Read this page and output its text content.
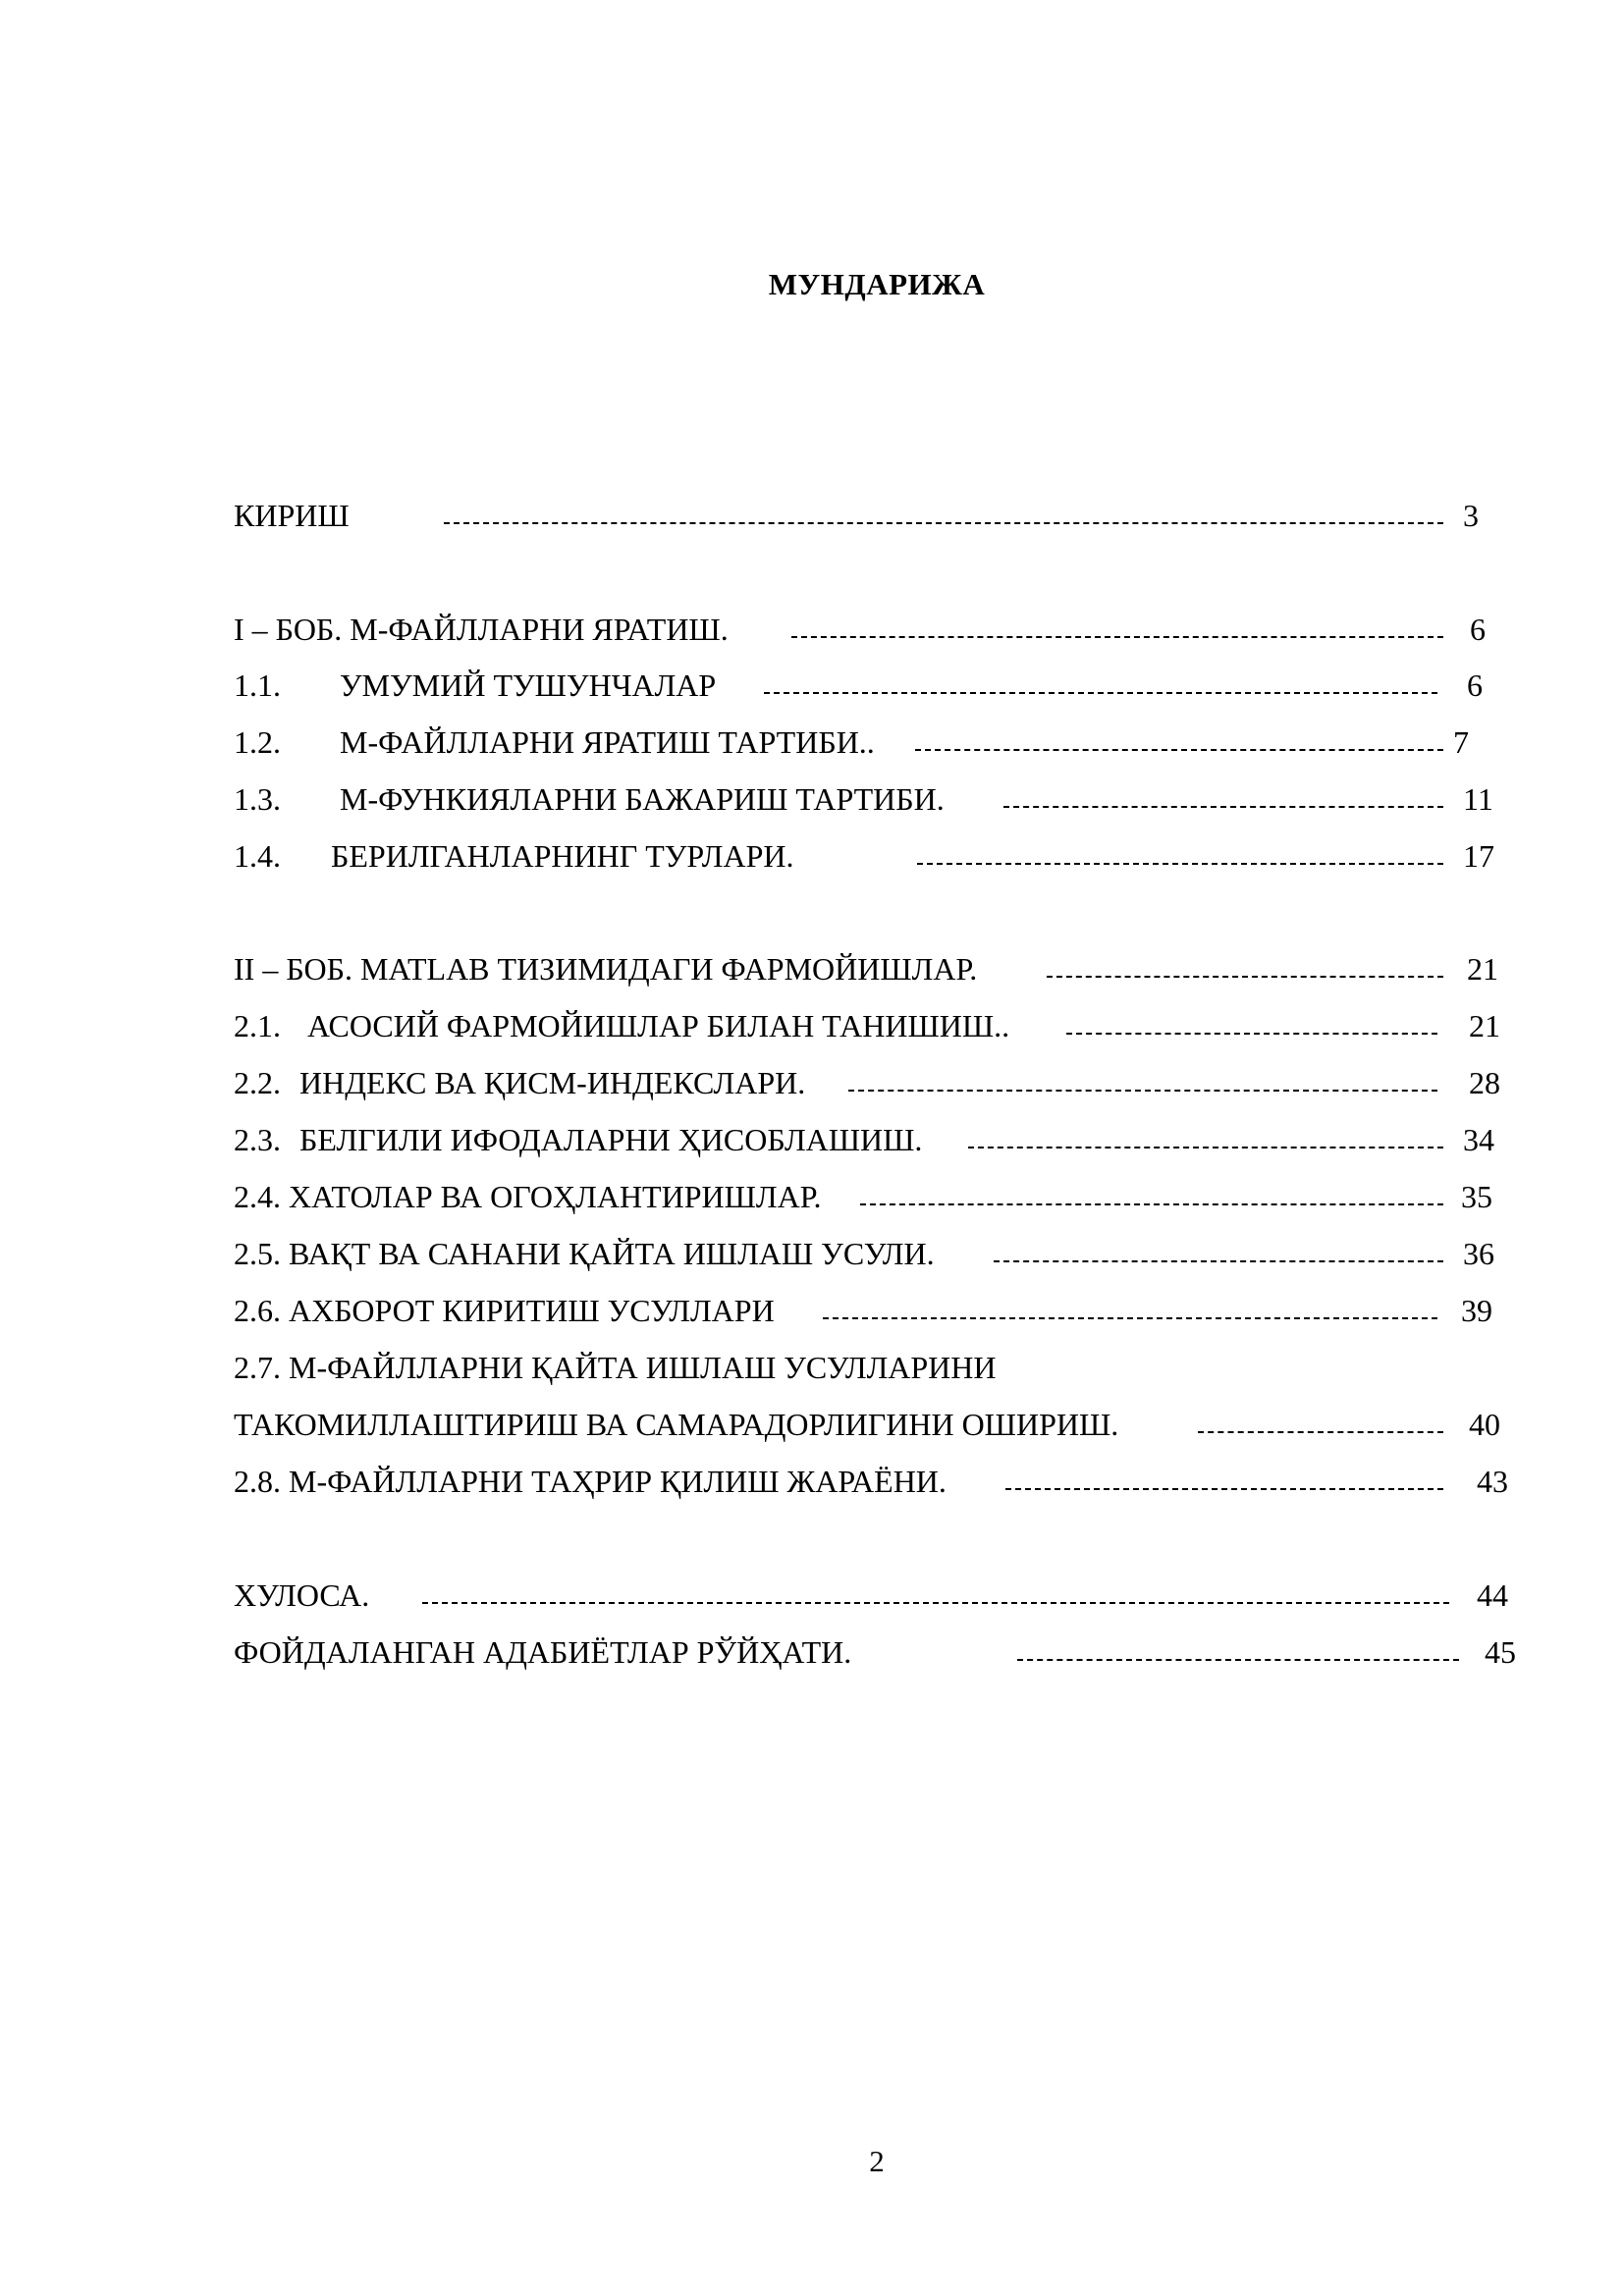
МУНДАРИЖА
КИРИШ	3
I – БОБ. М-ФАЙЛЛАРНИ ЯРАТИШ.	6
1.1. УМУМИЙ ТУШУНЧАЛАР	6
1.2. М-ФАЙЛЛАРНИ ЯРАТИШ ТАРТИБИ..	7
1.3. М-ФУНКИЯЛАРНИ БАЖАРИШ ТАРТИБИ.	11
1.4. БЕРИЛГАНЛАРНИНГ ТУРЛАРИ.	17
II – БОБ. MATLAB ТИЗИМИДАГИ ФАРМОЙИШЛАР.	21
2.1. АСОСИЙ ФАРМОЙИШЛАР БИЛАН ТАНИШИШ..	21
2.2. ИНДЕКС ВА ҚИСМ-ИНДЕКСЛАРИ.	28
2.3. БЕЛГИЛИ ИФОДАЛАРНИ ҲИСОБЛАШИШ.	34
2.4. ХАТОЛАР ВА ОГОҲЛАНТИРИШЛАР.	35
2.5. ВАҚТ ВА САНАНИ ҚАЙТА ИШЛАШ УСУЛИ.	36
2.6. АХБОРОТ КИРИТИШ УСУЛЛАРИ	39
2.7. М-ФАЙЛЛАРНИ ҚАЙТА ИШЛАШ УСУЛЛАРИНИ
ТАКОМИЛЛАШТИРИШ ВА САМАРАДОРЛИГИНИ ОШИРИШ.	40
2.8. М-ФАЙЛЛАРНИ ТАҲРИР ҚИЛИШ ЖАРАЁНИ.	43
ХУЛОСА.	44
ФОЙДАЛАНГАН АДАБИЁТЛАР РЎЙҲАТИ.	45
2
